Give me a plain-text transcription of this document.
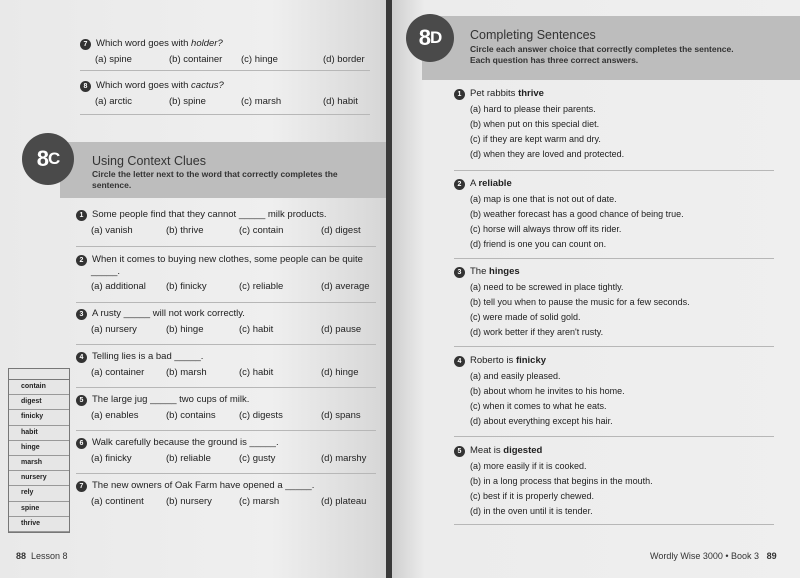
7 Which word goes with holder?
(a) spine	(b) container (c) hinge	(d) border
8 Which word goes with cactus?
(a) arctic	(b) spine	(c) marsh	(d) habit
8 C	Using Context Clues
Circle the letter next to the word that correctly completes the sentence.
1 Some people find that they cannot _____ milk products.
(a) vanish	(b) thrive	(c) contain	(d) digest
2 When it comes to buying new clothes, some people can be quite
_____.
(a) additional (b) finicky	(c) reliable	(d) average
3 A rusty _____ will not work correctly.
(a) nursery	(b) hinge	(c) habit	(d) pause
4 Telling lies is a bad _____.
(a) container (b) marsh	(c) habit	(d) hinge
5 The large jug _____ two cups of milk.
(a) enables	(b) contains (c) digests	(d) spans
6 Walk carefully because the ground is _____.
(a) finicky	(b) reliable	(c) gusty	(d) marshy
7 The new owners of Oak Farm have opened a _____.
(a) continent (b) nursery	(c) marsh	(d) plateau
contain
digest
finicky
habit
hinge
marsh
nursery
rely
spine
thrive
88 Lesson 8
8 D Completing Sentences
Circle each answer choice that correctly completes the sentence. Each question has three correct answers.
1 Pet rabbits thrive
(a) hard to please their parents.
(b) when put on this special diet.
(c) if they are kept warm and dry.
(d) when they are loved and protected.
2 A reliable
(a) map is one that is not out of date.
(b) weather forecast has a good chance of being true.
(c) horse will always throw off its rider.
(d) friend is one you can count on.
3 The hinges
(a) need to be screwed in place tightly.
(b) tell you when to pause the music for a few seconds.
(c) were made of solid gold.
(d) work better if they aren't rusty.
4 Roberto is finicky
(a) and easily pleased.
(b) about whom he invites to his home.
(c) when it comes to what he eats.
(d) about everything except his hair.
5 Meat is digested
(a) more easily if it is cooked.
(b) in a long process that begins in the mouth.
(c) best if it is properly chewed.
(d) in the oven until it is tender.
Wordly Wise 3000 • Book 3 89
